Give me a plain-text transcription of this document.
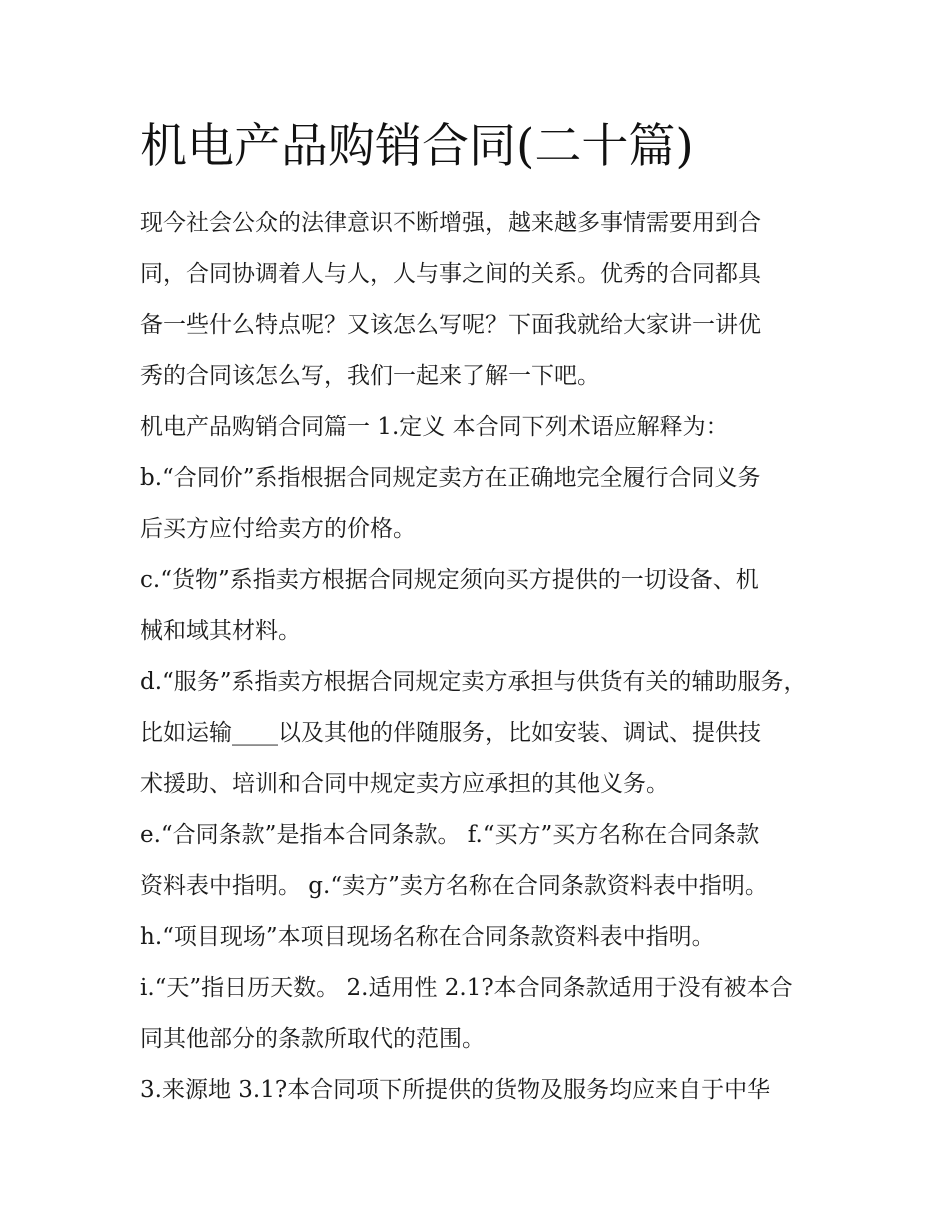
机电产品购销合同(二十篇)

现今社会公众的法律意识不断增强，越来越多事情需要用到合

同，合同协调着人与人，人与事之间的关系。优秀的合同都具

备一些什么特点呢？又该怎么写呢？下面我就给大家讲一讲优

秀的合同该怎么写，我们一起来了解一下吧。

机电产品购销合同篇一 1.定义 本合同下列术语应解释为：

b.“合同价”系指根据合同规定卖方在正确地完全履行合同义务

后买方应付给卖方的价格。

c.“货物”系指卖方根据合同规定须向买方提供的一切设备、机

械和域其材料。

d.“服务”系指卖方根据合同规定卖方承担与供货有关的辅助服务，

比如运输____以及其他的伴随服务，比如安装、调试、提供技

术援助、培训和合同中规定卖方应承担的其他义务。

e.“合同条款”是指本合同条款。 f.“买方”买方名称在合同条款

资料表中指明。 g.“卖方”卖方名称在合同条款资料表中指明。

h.“项目现场”本项目现场名称在合同条款资料表中指明。

i.“天”指日历天数。 2.适用性 2.1?本合同条款适用于没有被本合

同其他部分的条款所取代的范围。

3.来源地 3.1?本合同项下所提供的货物及服务均应来自于中华
